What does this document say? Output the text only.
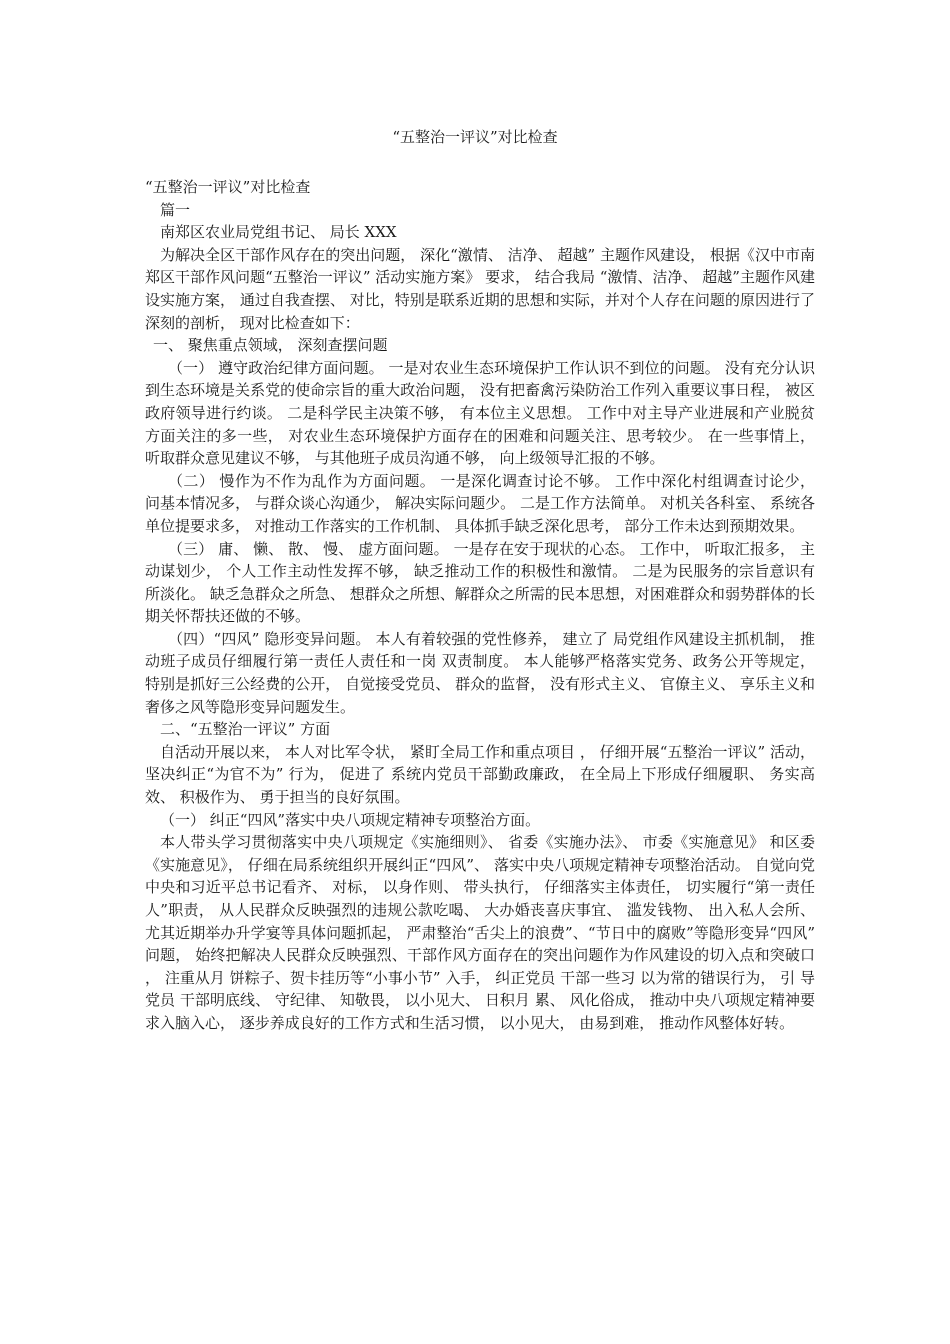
“五整治一评议”对比检查

“五整治一评议”对比检查

篇一

南郑区农业局党组书记、 局长 XXX

为解决全区干部作风存在的突出问题， 深化“激情、 洁净、 超越” 主题作风建设， 根据《汉中市南郑区干部作风问题“五整治一评议” 活动实施方案》 要求， 结合我局 “激情、洁净、 超越”主题作风建设实施方案， 通过自我查摆、 对比，特别是联系近期的思想和实际，并对个人存在问题的原因进行了 深刻的剖析， 现对比检查如下：

一、 聚焦重点领域， 深刻查摆问题

（一） 遵守政治纪律方面问题。 一是对农业生态环境保护工作认识不到位的问题。 没有充分认识到生态环境是关系党的使命宗旨的重大政治问题， 没有把畜禽污染防治工作列入重要议事日程， 被区政府领导进行约谈。 二是科学民主决策不够， 有本位主义思想。 工作中对主导产业进展和产业脱贫方面关注的多一些， 对农业生态环境保护方面存在的困难和问题关注、思考较少。 在一些事情上， 听取群众意见建议不够， 与其他班子成员沟通不够， 向上级领导汇报的不够。

（二） 慢作为不作为乱作为方面问题。 一是深化调查讨论不够。 工作中深化村组调查讨论少， 问基本情况多， 与群众谈心沟通少， 解决实际问题少。 二是工作方法简单。 对机关各科室、 系统各单位提要求多， 对推动工作落实的工作机制、 具体抓手缺乏深化思考， 部分工作未达到预期效果。

（三） 庸、 懒、 散、 慢、 虚方面问题。 一是存在安于现状的心态。 工作中， 听取汇报多， 主动谋划少， 个人工作主动性发挥不够， 缺乏推动工作的积极性和激情。 二是为民服务的宗旨意识有所淡化。 缺乏急群众之所急、 想群众之所想、解群众之所需的民本思想，对困难群众和弱势群体的长期关怀帮扶还做的不够。

（四）“四风” 隐形变异问题。 本人有着较强的党性修养， 建立了 局党组作风建设主抓机制， 推动班子成员仔细履行第一责任人责任和一岗 双责制度。 本人能够严格落实党务、政务公开等规定， 特别是抓好三公经费的公开， 自觉接受党员、 群众的监督， 没有形式主义、 官僚主义、 享乐主义和奢侈之风等隐形变异问题发生。

二、“五整治一评议” 方面

自活动开展以来， 本人对比军令状， 紧盯全局工作和重点项目 ， 仔细开展“五整治一评议” 活动， 坚决纠正“为官不为” 行为， 促进了 系统内党员干部勤政廉政， 在全局上下形成仔细履职、 务实高效、 积极作为、 勇于担当的良好氛围。

（一） 纠正“四风”落实中央八项规定精神专项整治方面。

本人带头学习贯彻落实中央八项规定《实施细则》、 省委《实施办法》、 市委《实施意见》 和区委《实施意见》， 仔细在局系统组织开展纠正“四风”、 落实中央八项规定精神专项整治活动。 自觉向党中央和习近平总书记看齐、 对标， 以身作则、 带头执行， 仔细落实主体责任， 切实履行“第一责任人”职责， 从人民群众反映强烈的违规公款吃喝、 大办婚丧喜庆事宜、 滥发钱物、 出入私人会所、 尤其近期举办升学宴等具体问题抓起， 严肃整治“舌尖上的浪费”、“节日中的腐败”等隐形变异“四风” 问题， 始终把解决人民群众反映强烈、干部作风方面存在的突出问题作为作风建设的切入点和突破口 ， 注重从月 饼粽子、贺卡挂历等“小事小节” 入手， 纠正党员 干部一些习 以为常的错误行为， 引 导党员 干部明底线、 守纪律、 知敬畏， 以小见大、 日积月 累、 风化俗成， 推动中央八项规定精神要求入脑入心， 逐步养成良好的工作方式和生活习惯， 以小见大， 由易到难， 推动作风整体好转。
